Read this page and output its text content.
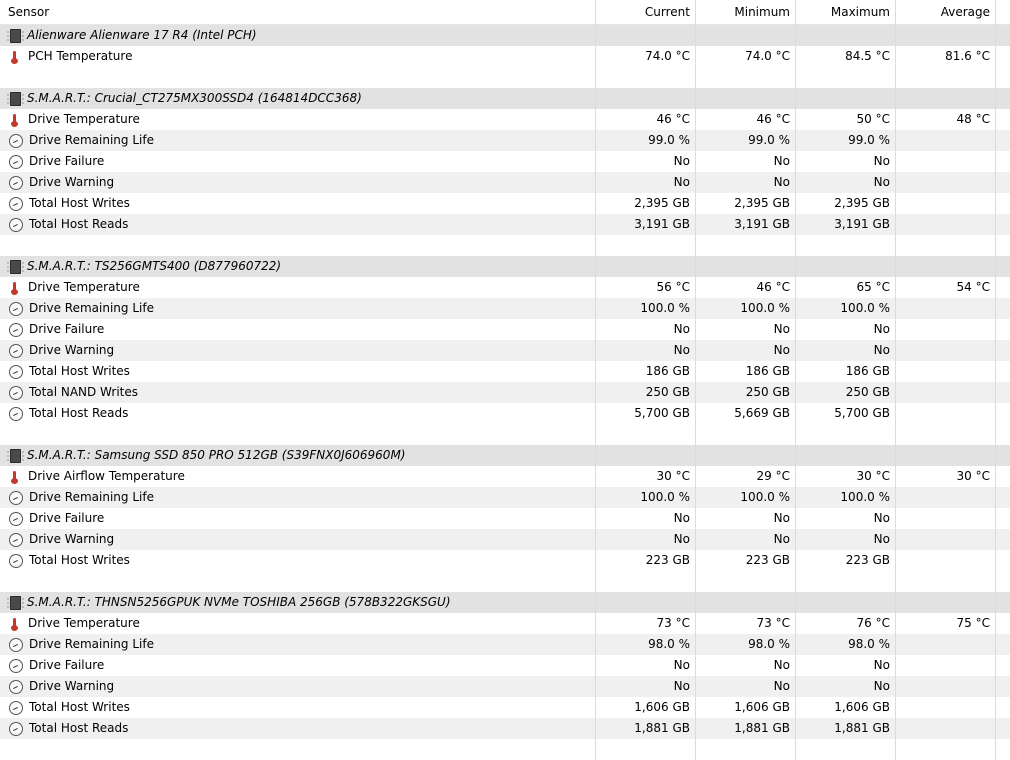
Sensor	Current	Minimum	Maximum	Average
Alienware Alienware 17 R4 (Intel PCH)
PCH Temperature	74.0 °C	74.0 °C	84.5 °C	81.6 °C
S.M.A.R.T.: Crucial_CT275MX300SSD4 (164814DCC368)
Drive Temperature	46 °C	46 °C	50 °C	48 °C
Drive Remaining Life	99.0 %	99.0 %	99.0 %
Drive Failure	No	No	No
Drive Warning	No	No	No
Total Host Writes	2,395 GB	2,395 GB	2,395 GB
Total Host Reads	3,191 GB	3,191 GB	3,191 GB
S.M.A.R.T.: TS256GMTS400 (D877960722)
Drive Temperature	56 °C	46 °C	65 °C	54 °C
Drive Remaining Life	100.0 %	100.0 %	100.0 %
Drive Failure	No	No	No
Drive Warning	No	No	No
Total Host Writes	186 GB	186 GB	186 GB
Total NAND Writes	250 GB	250 GB	250 GB
Total Host Reads	5,700 GB	5,669 GB	5,700 GB
S.M.A.R.T.: Samsung SSD 850 PRO 512GB (S39FNX0J606960M)
Drive Airflow Temperature	30 °C	29 °C	30 °C	30 °C
Drive Remaining Life	100.0 %	100.0 %	100.0 %
Drive Failure	No	No	No
Drive Warning	No	No	No
Total Host Writes	223 GB	223 GB	223 GB
S.M.A.R.T.: THNSN5256GPUK NVMe TOSHIBA 256GB (578B322GKSGU)
Drive Temperature	73 °C	73 °C	76 °C	75 °C
Drive Remaining Life	98.0 %	98.0 %	98.0 %
Drive Failure	No	No	No
Drive Warning	No	No	No
Total Host Writes	1,606 GB	1,606 GB	1,606 GB
Total Host Reads	1,881 GB	1,881 GB	1,881 GB
